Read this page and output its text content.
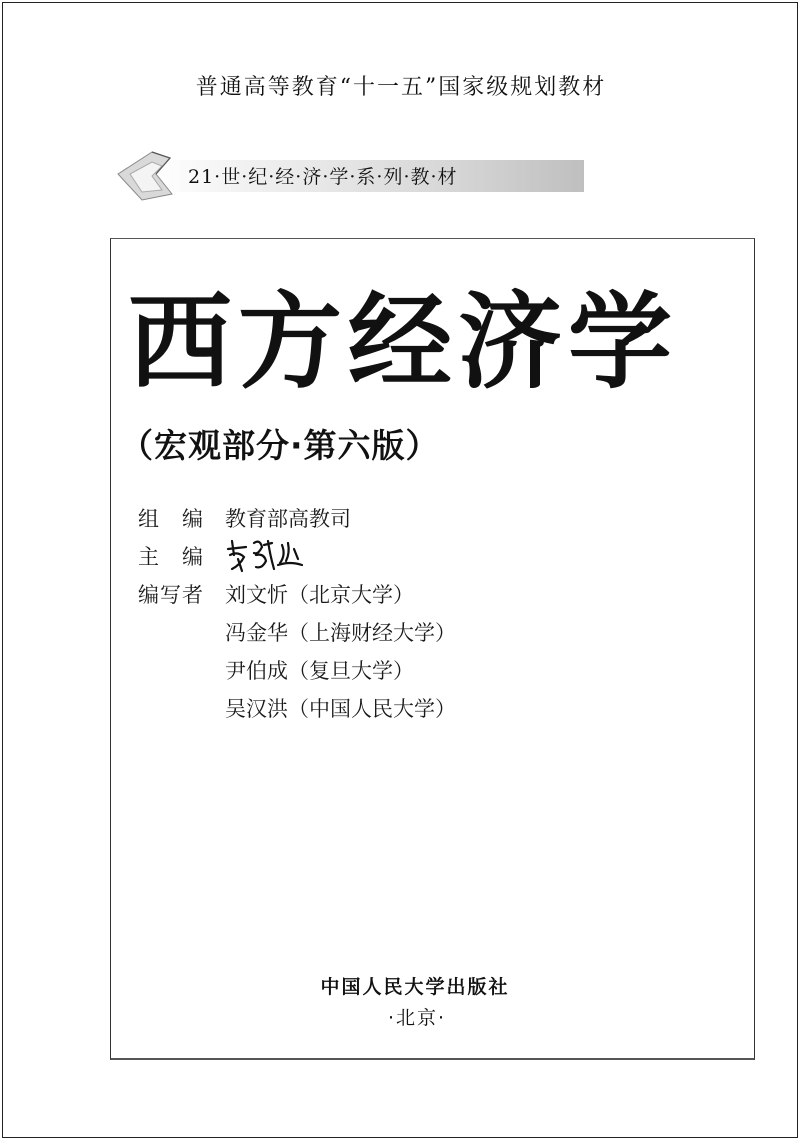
普通高等教育“十一五”国家级规划教材
21·世·纪·经·济·学·系·列·教·材
西方经济学
（宏观部分·第六版）
组　编	教育部高教司
主　编
编写者	刘文忻（北京大学）
冯金华（上海财经大学）
尹伯成（复旦大学）
吴汉洪（中国人民大学）
中国人民大学出版社
·北京·
